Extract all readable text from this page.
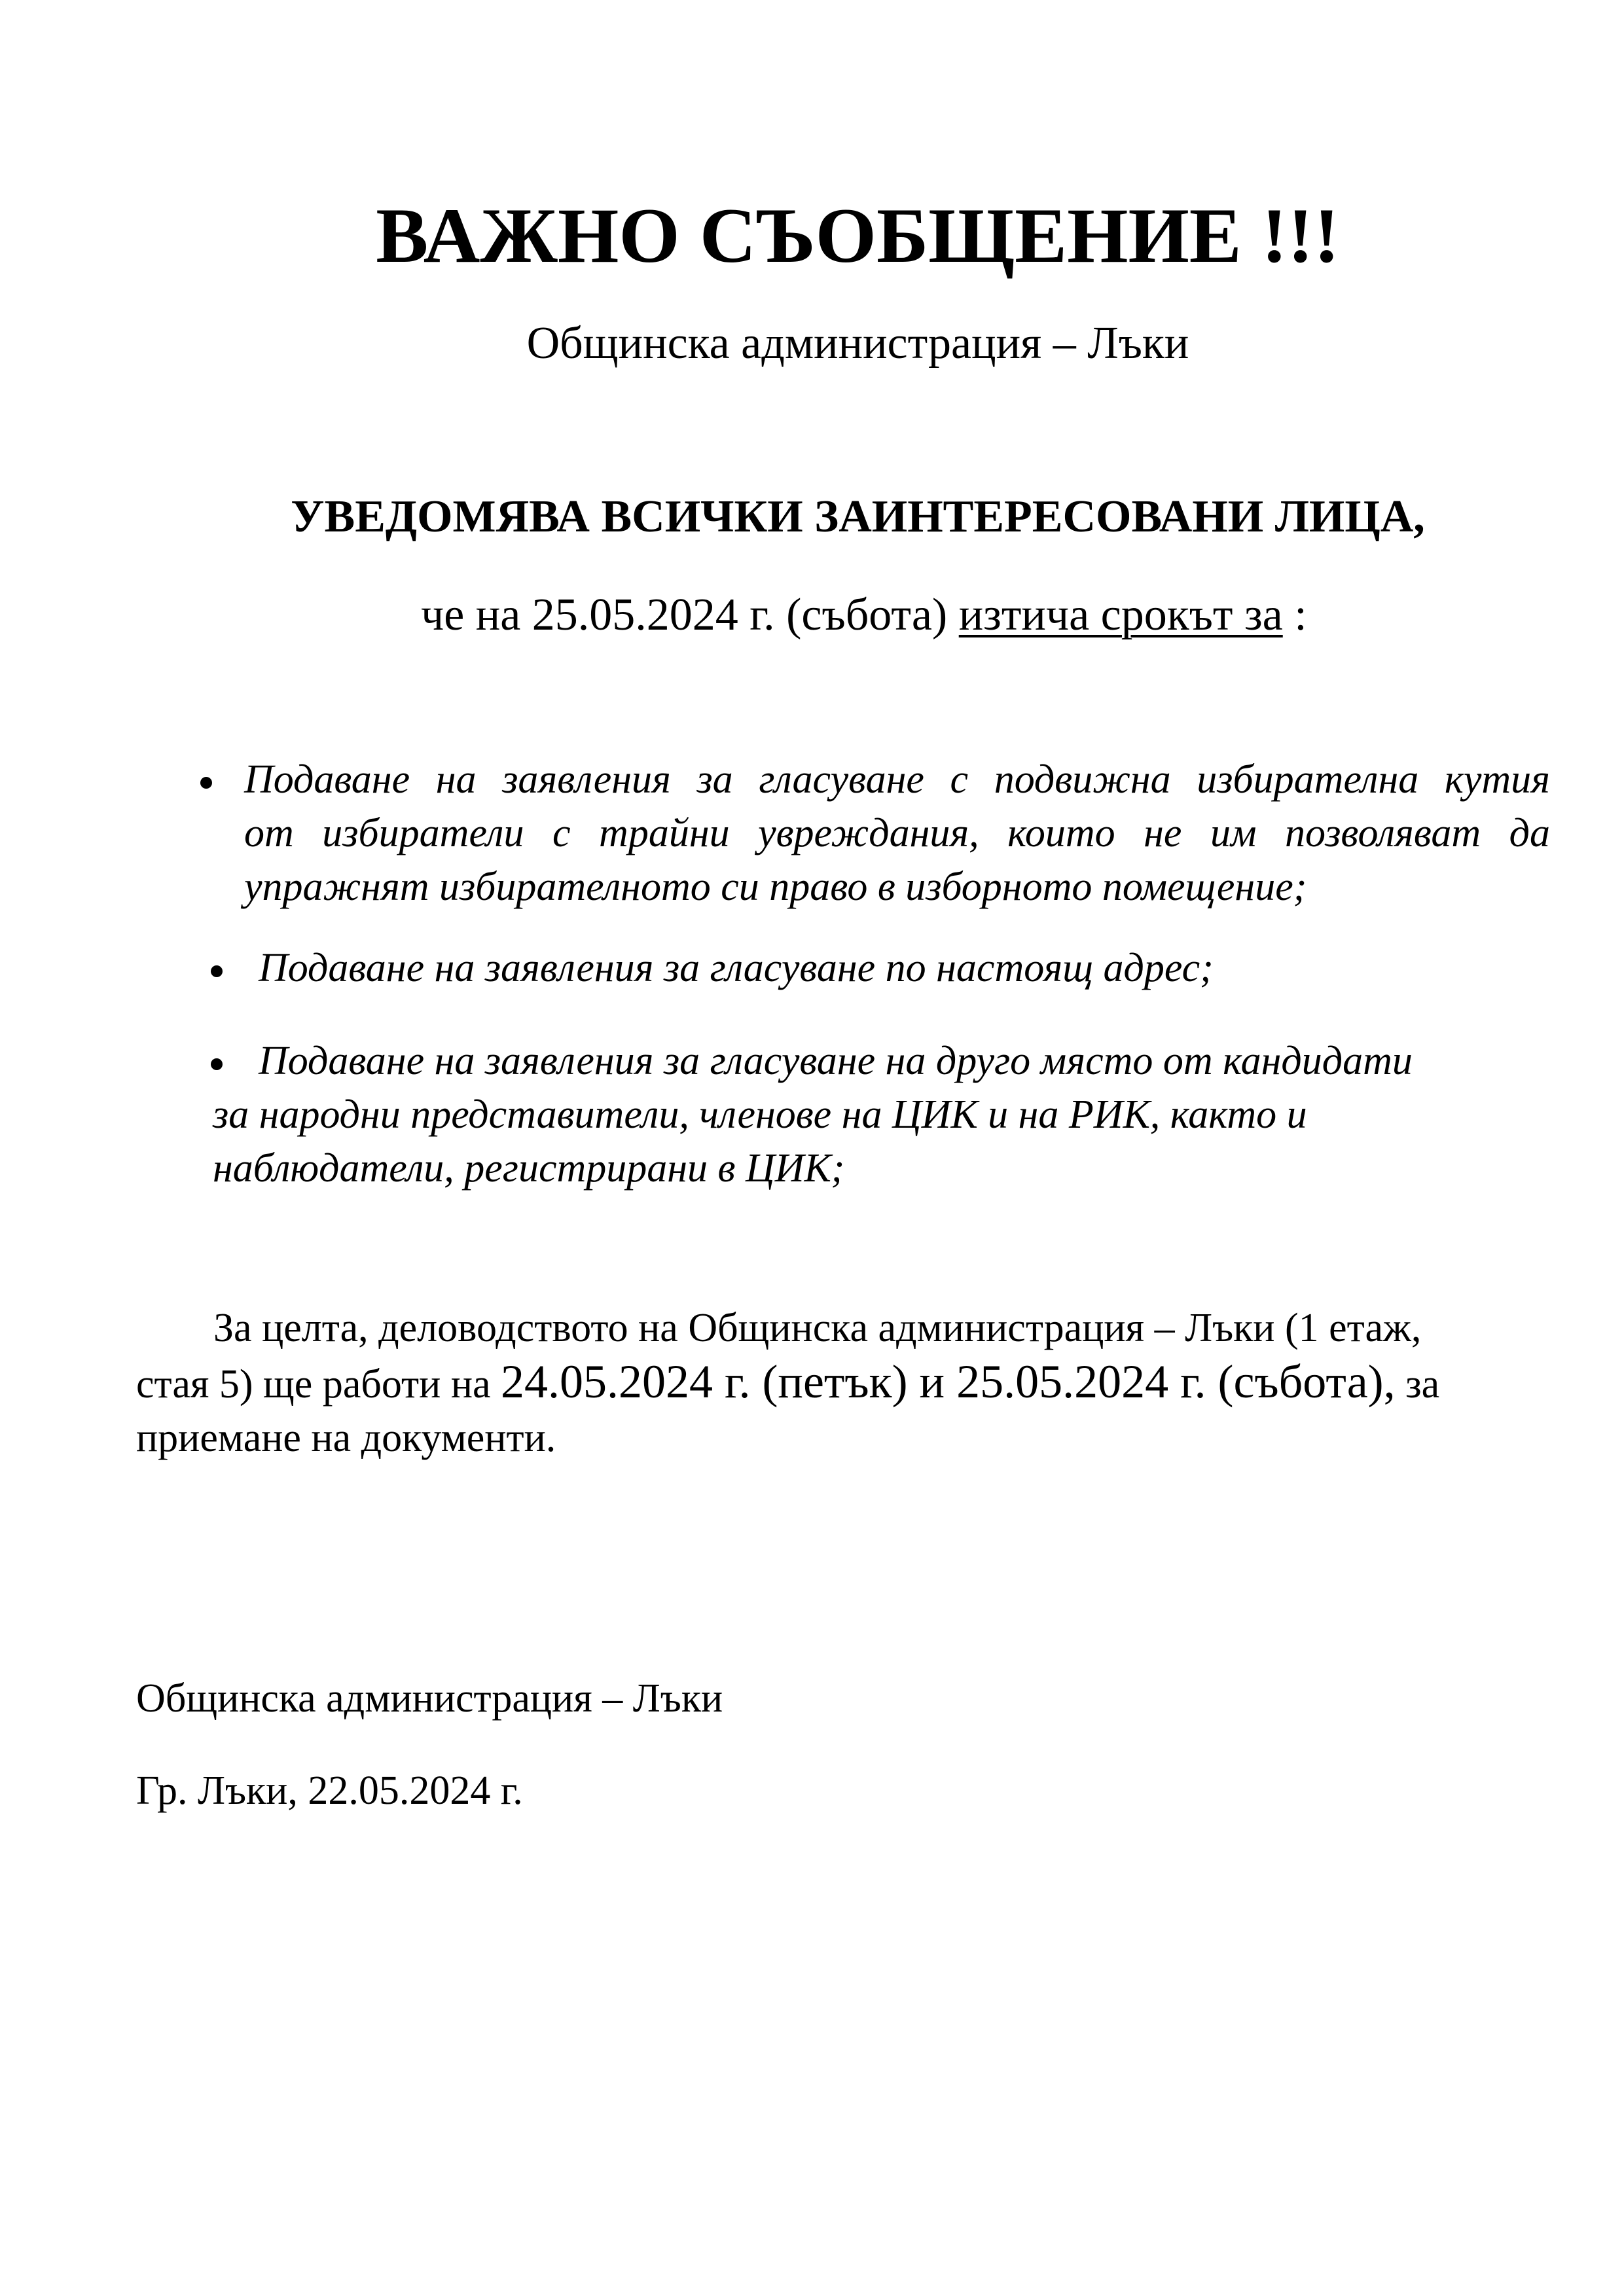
ВАЖНО СЪОБЩЕНИЕ !!!
Общинска администрация – Лъки
УВЕДОМЯВА ВСИЧКИ ЗАИНТЕРЕСОВАНИ ЛИЦА,
че на 25.05.2024 г. (събота) изтича срокът за :
Подаване на заявления за гласуване с подвижна избирателна кутия
от избиратели с трайни увреждания, които не им позволяват да
упражнят избирателното си право в изборното помещение;
Подаване на заявления за гласуване по настоящ адрес;
Подаване на заявления за гласуване на друго място от кандидати
за народни представители, членове на ЦИК и на РИК, както и
наблюдатели, регистрирани в ЦИК;
За целта, деловодството на Общинска администрация – Лъки (1 етаж,
стая 5) ще работи на 24.05.2024 г. (петък) и 25.05.2024 г. (събота), за
приемане на документи.
Общинска администрация – Лъки
Гр. Лъки, 22.05.2024 г.
